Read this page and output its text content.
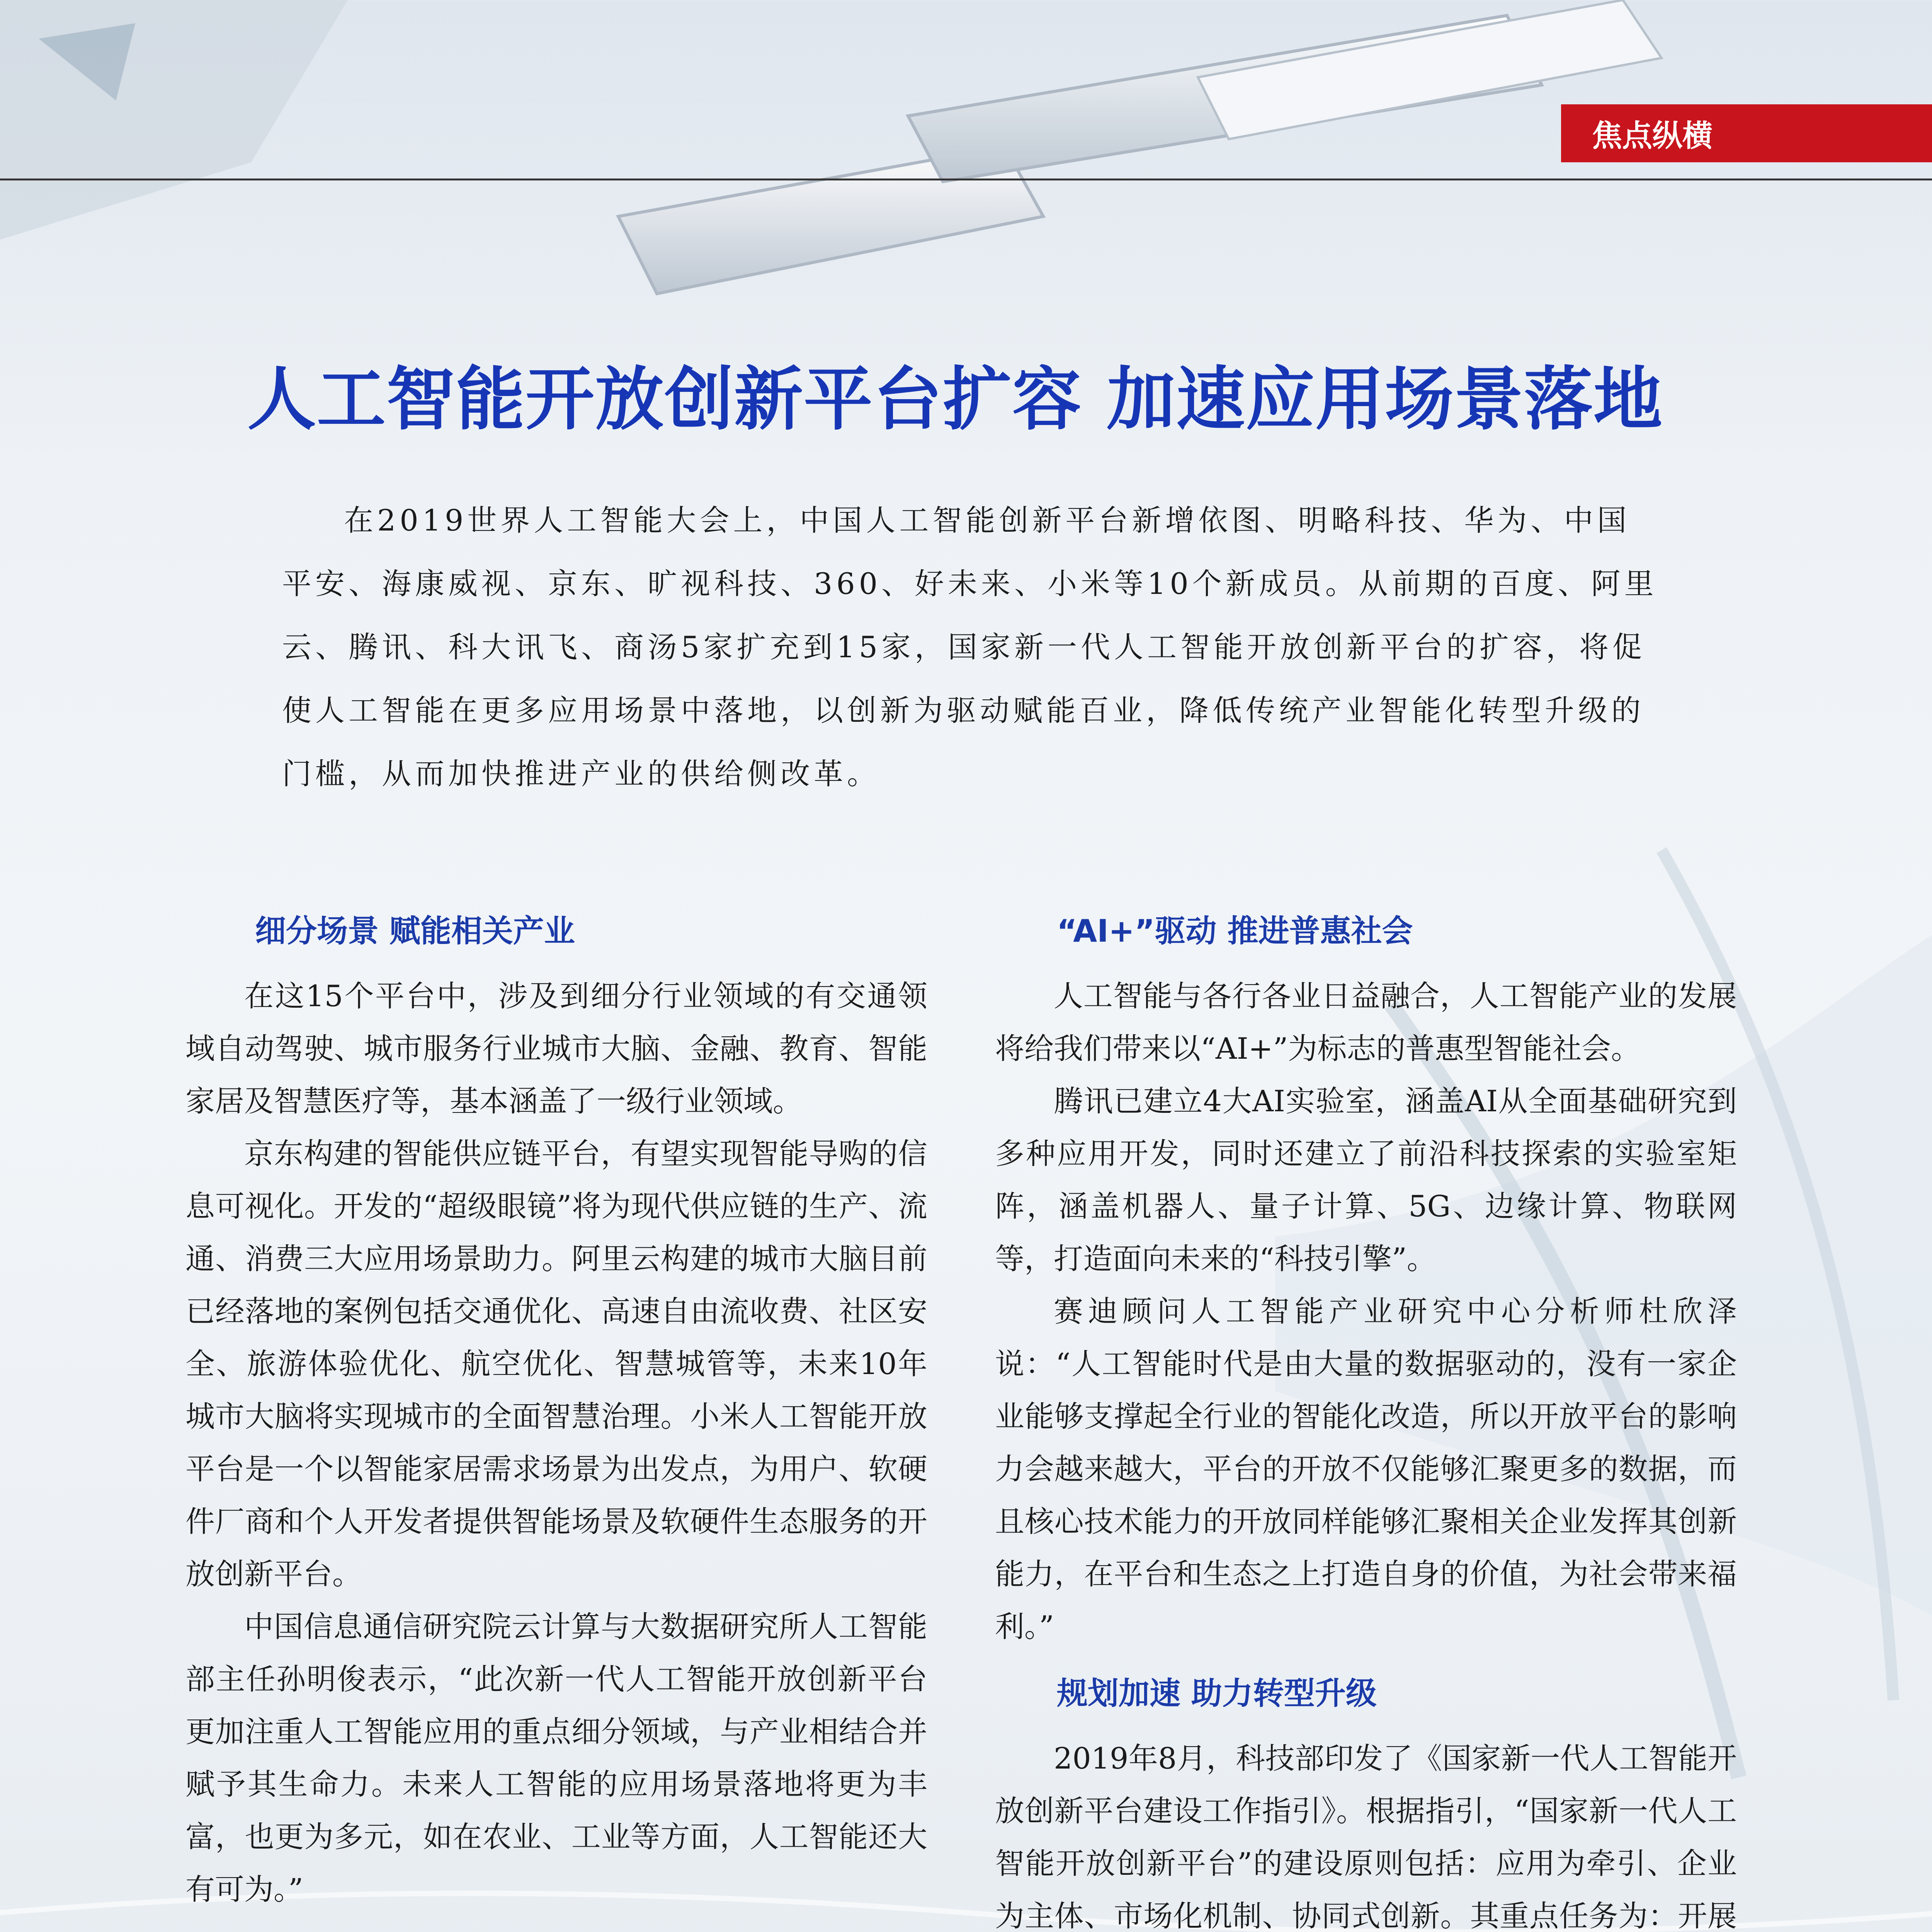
焦点纵横
人工智能开放创新平台扩容 加速应用场景落地
在2019世界人工智能大会上，中国人工智能创新平台新增依图、明略科技、华为、中国平安、海康威视、京东、旷视科技、360、好未来、小米等10个新成员。从前期的百度、阿里云、腾讯、科大讯飞、商汤5家扩充到15家，国家新一代人工智能开放创新平台的扩容，将促使人工智能在更多应用场景中落地，以创新为驱动赋能百业，降低传统产业智能化转型升级的门槛，从而加快推进产业的供给侧改革。
细分场景 赋能相关产业

在这15个平台中，涉及到细分行业领域的有交通领域自动驾驶、城市服务行业城市大脑、金融、教育、智能家居及智慧医疗等，基本涵盖了一级行业领域。

京东构建的智能供应链平台，有望实现智能导购的信息可视化。开发的“超级眼镜”将为现代供应链的生产、流通、消费三大应用场景助力。阿里云构建的城市大脑目前已经落地的案例包括交通优化、高速自由流收费、社区安全、旅游体验优化、航空优化、智慧城管等，未来10年城市大脑将实现城市的全面智慧治理。小米人工智能开放平台是一个以智能家居需求场景为出发点，为用户、软硬件厂商和个人开发者提供智能场景及软硬件生态服务的开放创新平台。

中国信息通信研究院云计算与大数据研究所人工智能部主任孙明俊表示，“此次新一代人工智能开放创新平台更加注重人工智能应用的重点细分领域，与产业相结合并赋予其生命力。未来人工智能的应用场景落地将更为丰富，也更为多元，如在农业、工业等方面，人工智能还大有可为。”

“AI+”驱动 推进普惠社会

人工智能与各行各业日益融合，人工智能产业的发展将给我们带来以“AI+”为标志的普惠型智能社会。

腾讯已建立4大AI实验室，涵盖AI从全面基础研究到多种应用开发，同时还建立了前沿科技探索的实验室矩阵，涵盖机器人、量子计算、5G、边缘计算、物联网等，打造面向未来的“科技引擎”。

赛迪顾问人工智能产业研究中心分析师杜欣泽说：“人工智能时代是由大量的数据驱动的，没有一家企业能够支撑起全行业的智能化改造，所以开放平台的影响力会越来越大，平台的开放不仅能够汇聚更多的数据，而且核心技术能力的开放同样能够汇聚相关企业发挥其创新能力，在平台和生态之上打造自身的价值，为社会带来福利。”

规划加速 助力转型升级

2019年8月，科技部印发了《国家新一代人工智能开放创新平台建设工作指引》。根据指引，“国家新一代人工智能开放创新平台”的建设原则包括：应用为牵引、企业为主体、市场化机制、协同式创新。其重点任务为：开展
